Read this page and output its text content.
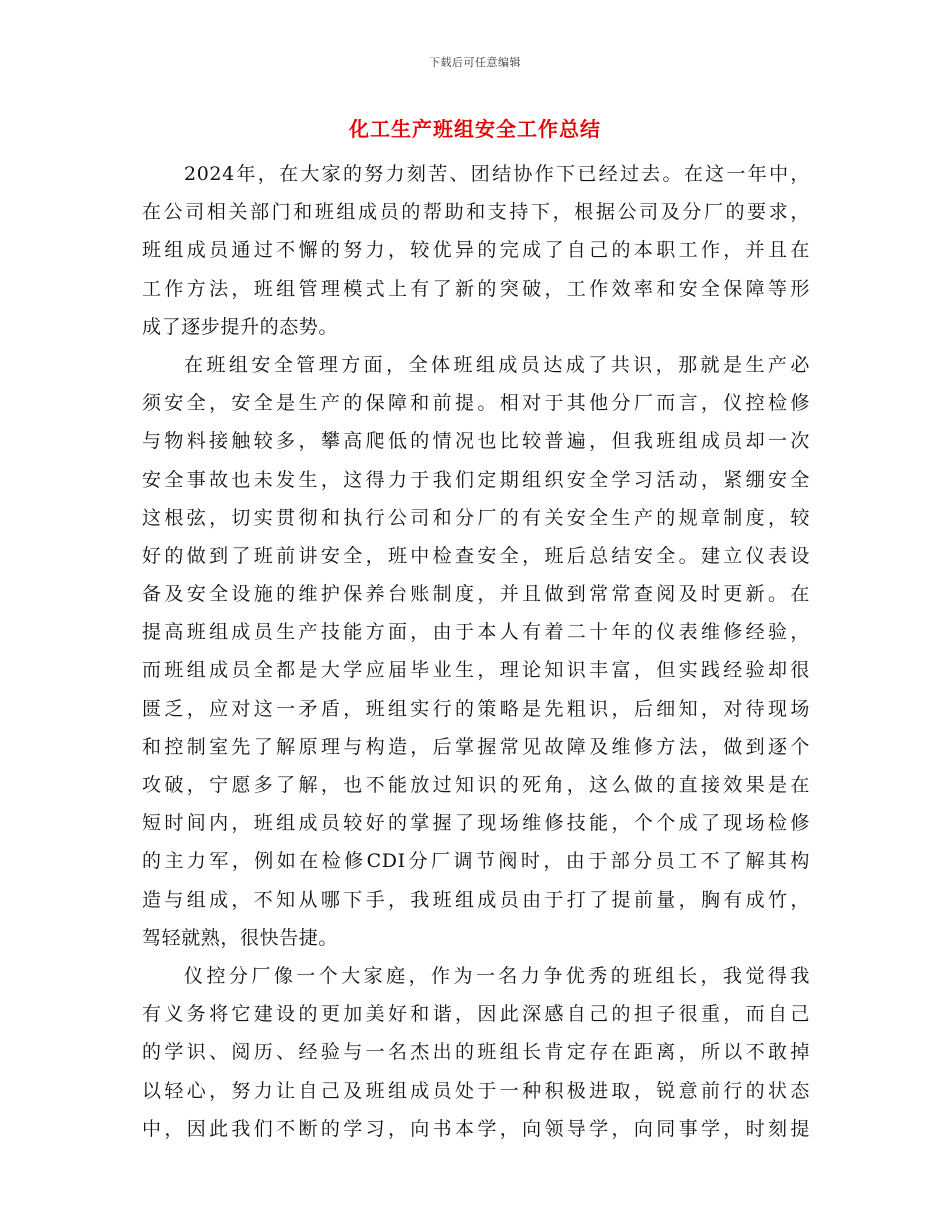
下载后可任意编辑
化工生产班组安全工作总结
2024年，在大家的努力刻苦、团结协作下已经过去。在这一年中，
在公司相关部门和班组成员的帮助和支持下，根据公司及分厂的要求，
班组成员通过不懈的努力，较优异的完成了自己的本职工作，并且在
工作方法，班组管理模式上有了新的突破，工作效率和安全保障等形
成了逐步提升的态势。
在班组安全管理方面，全体班组成员达成了共识，那就是生产必
须安全，安全是生产的保障和前提。相对于其他分厂而言，仪控检修
与物料接触较多，攀高爬低的情况也比较普遍，但我班组成员却一次
安全事故也未发生，这得力于我们定期组织安全学习活动，紧绷安全
这根弦，切实贯彻和执行公司和分厂的有关安全生产的规章制度，较
好的做到了班前讲安全，班中检查安全，班后总结安全。建立仪表设
备及安全设施的维护保养台账制度，并且做到常常查阅及时更新。在
提高班组成员生产技能方面，由于本人有着二十年的仪表维修经验，
而班组成员全都是大学应届毕业生，理论知识丰富，但实践经验却很
匮乏，应对这一矛盾，班组实行的策略是先粗识，后细知，对待现场
和控制室先了解原理与构造，后掌握常见故障及维修方法，做到逐个
攻破，宁愿多了解，也不能放过知识的死角，这么做的直接效果是在
短时间内，班组成员较好的掌握了现场维修技能，个个成了现场检修
的主力军，例如在检修CDI分厂调节阀时，由于部分员工不了解其构
造与组成，不知从哪下手，我班组成员由于打了提前量，胸有成竹，
驾轻就熟，很快告捷。
仪控分厂像一个大家庭，作为一名力争优秀的班组长，我觉得我
有义务将它建设的更加美好和谐，因此深感自己的担子很重，而自己
的学识、阅历、经验与一名杰出的班组长肯定存在距离，所以不敢掉
以轻心，努力让自己及班组成员处于一种积极进取，锐意前行的状态
中，因此我们不断的学习，向书本学，向领导学，向同事学，时刻提
